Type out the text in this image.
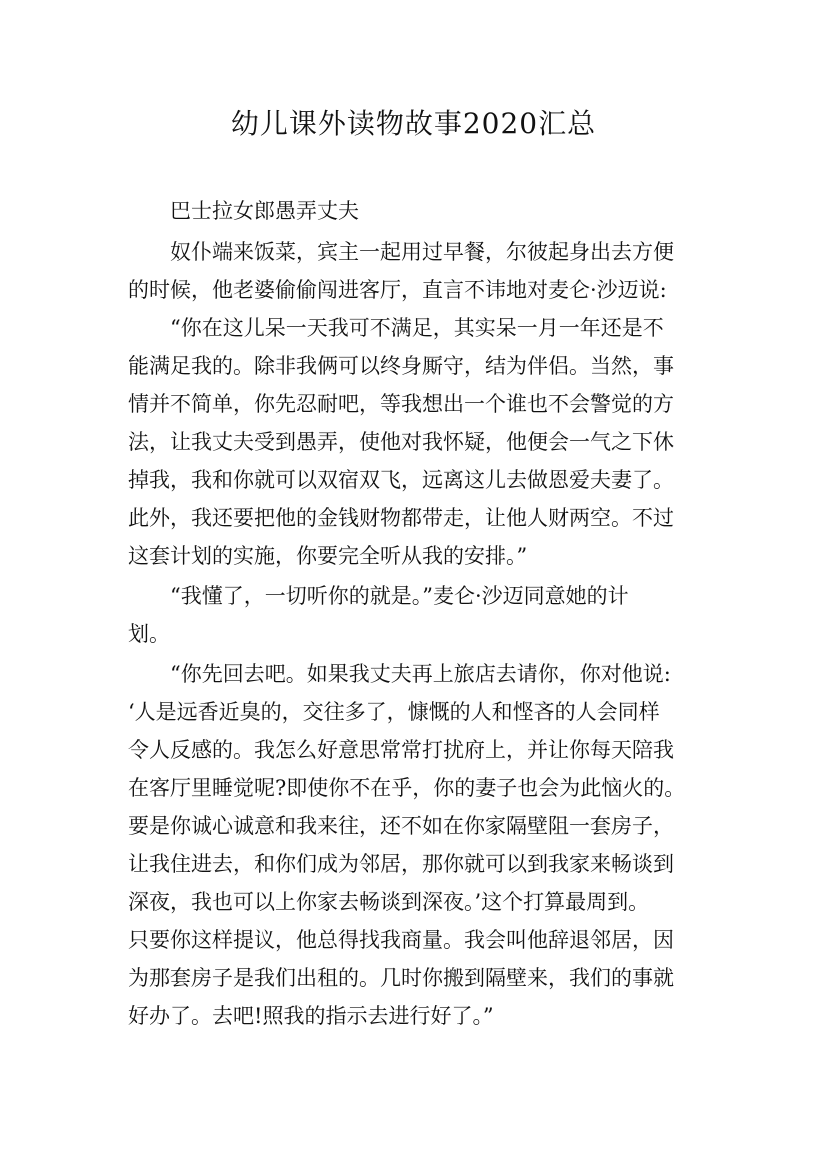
幼儿课外读物故事2020汇总

巴士拉女郎愚弄丈夫

奴仆端来饭菜，宾主一起用过早餐，尔彼起身出去方便

的时候，他老婆偷偷闯进客厅，直言不讳地对麦仑·沙迈说:

“你在这儿呆一天我可不满足，其实呆一月一年还是不

能满足我的。除非我俩可以终身厮守，结为伴侣。当然，事

情并不简单，你先忍耐吧，等我想出一个谁也不会警觉的方

法，让我丈夫受到愚弄，使他对我怀疑，他便会一气之下休

掉我，我和你就可以双宿双飞，远离这儿去做恩爱夫妻了。

此外，我还要把他的金钱财物都带走，让他人财两空。不过

这套计划的实施，你要完全听从我的安排。”

“我懂了，一切听你的就是。”麦仑·沙迈同意她的计

划。

“你先回去吧。如果我丈夫再上旅店去请你，你对他说:

‘人是远香近臭的，交往多了，慷慨的人和悭吝的人会同样

令人反感的。我怎么好意思常常打扰府上，并让你每天陪我

在客厅里睡觉呢?即使你不在乎，你的妻子也会为此恼火的。

要是你诚心诚意和我来往，还不如在你家隔壁阻一套房子，

让我住进去，和你们成为邻居，那你就可以到我家来畅谈到

深夜，我也可以上你家去畅谈到深夜。’这个打算最周到。

只要你这样提议，他总得找我商量。我会叫他辞退邻居，因

为那套房子是我们出租的。几时你搬到隔壁来，我们的事就

好办了。去吧!照我的指示去进行好了。”
